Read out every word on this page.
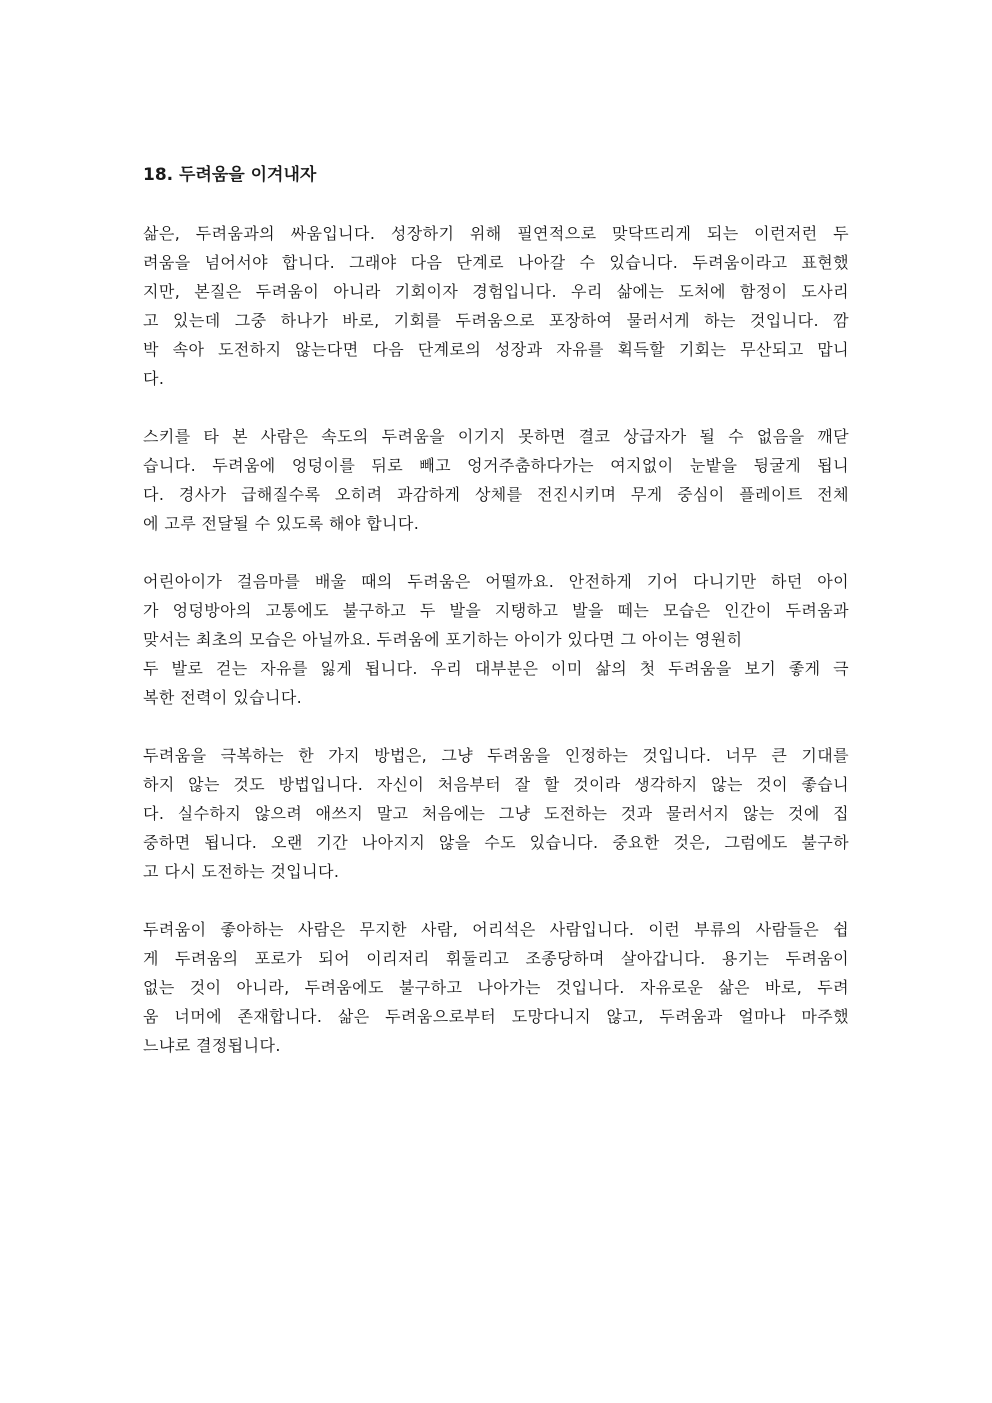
18. 두려움을 이겨내자

삶은, 두려움과의 싸움입니다. 성장하기 위해 필연적으로 맞닥뜨리게 되는 이런저런 두
려움을 넘어서야 합니다. 그래야 다음 단계로 나아갈 수 있습니다. 두려움이라고 표현했
지만, 본질은 두려움이 아니라 기회이자 경험입니다. 우리 삶에는 도처에 함정이 도사리
고 있는데 그중 하나가 바로, 기회를 두려움으로 포장하여 물러서게 하는 것입니다. 깜
박 속아 도전하지 않는다면 다음 단계로의 성장과 자유를 획득할 기회는 무산되고 맙니
다.

스키를 타 본 사람은 속도의 두려움을 이기지 못하면 결코 상급자가 될 수 없음을 깨닫
습니다. 두려움에 엉덩이를 뒤로 빼고 엉거주춤하다가는 여지없이 눈밭을 뒹굴게 됩니
다. 경사가 급해질수록 오히려 과감하게 상체를 전진시키며 무게 중심이 플레이트 전체
에 고루 전달될 수 있도록 해야 합니다.

어린아이가 걸음마를 배울 때의 두려움은 어떨까요. 안전하게 기어 다니기만 하던 아이
가 엉덩방아의 고통에도 불구하고 두 발을 지탱하고 발을 떼는 모습은 인간이 두려움과
맞서는 최초의 모습은 아닐까요. 두려움에 포기하는 아이가 있다면 그 아이는 영원히
두 발로 걷는 자유를 잃게 됩니다. 우리 대부분은 이미 삶의 첫 두려움을 보기 좋게 극
복한 전력이 있습니다.

두려움을 극복하는 한 가지 방법은, 그냥 두려움을 인정하는 것입니다. 너무 큰 기대를
하지 않는 것도 방법입니다. 자신이 처음부터 잘 할 것이라 생각하지 않는 것이 좋습니
다. 실수하지 않으려 애쓰지 말고 처음에는 그냥 도전하는 것과 물러서지 않는 것에 집
중하면 됩니다. 오랜 기간 나아지지 않을 수도 있습니다. 중요한 것은, 그럼에도 불구하
고 다시 도전하는 것입니다.

두려움이 좋아하는 사람은 무지한 사람, 어리석은 사람입니다. 이런 부류의 사람들은 쉽
게 두려움의 포로가 되어 이리저리 휘둘리고 조종당하며 살아갑니다. 용기는 두려움이
없는 것이 아니라, 두려움에도 불구하고 나아가는 것입니다. 자유로운 삶은 바로, 두려
움 너머에 존재합니다. 삶은 두려움으로부터 도망다니지 않고, 두려움과 얼마나 마주했
느냐로 결정됩니다.
